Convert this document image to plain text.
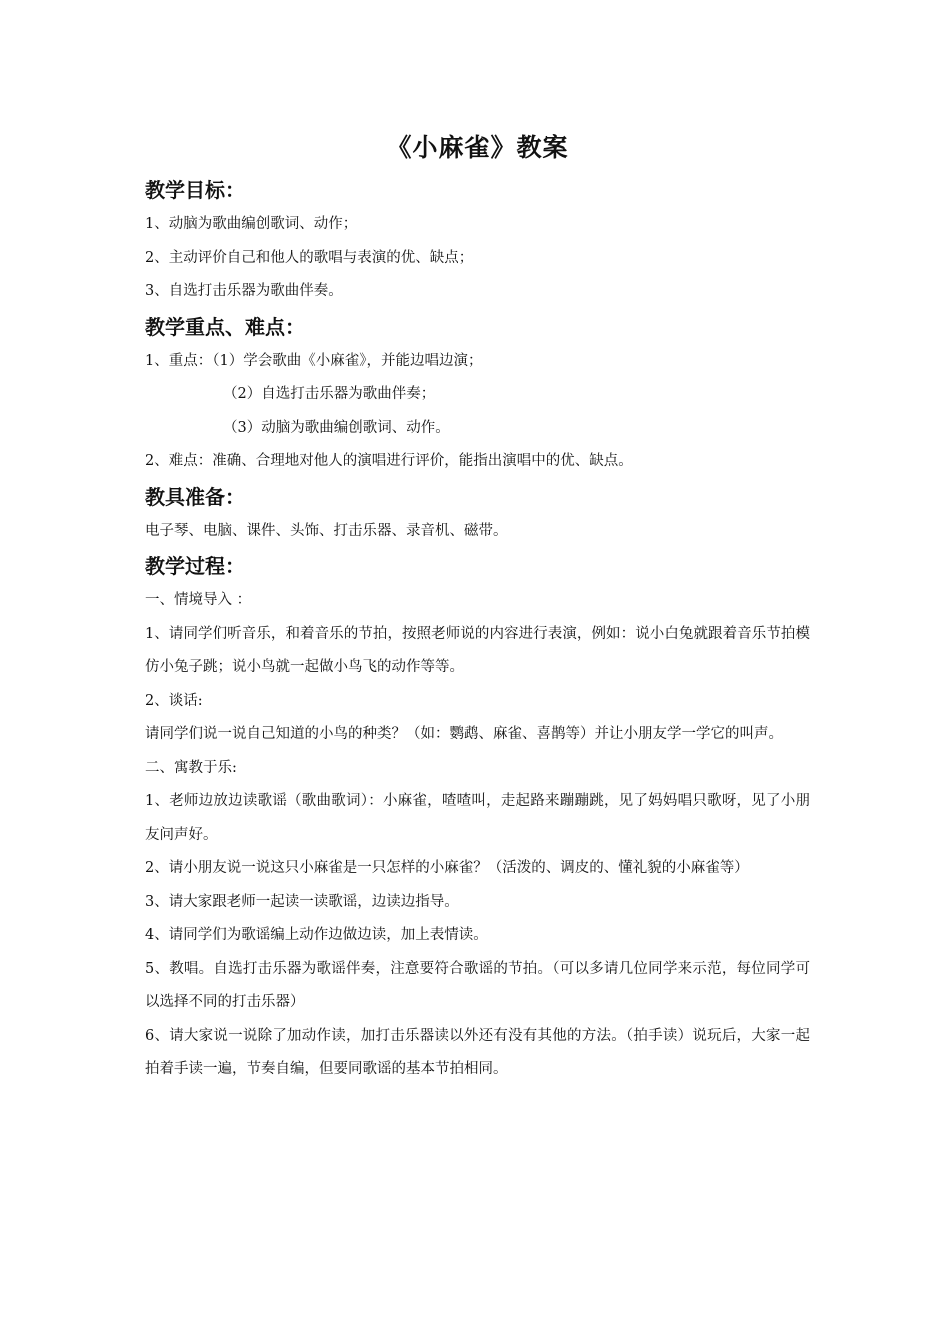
《小麻雀》教案
教学目标：
1、动脑为歌曲编创歌词、动作；
2、主动评价自己和他人的歌唱与表演的优、缺点；
3、自选打击乐器为歌曲伴奏。
教学重点、难点：
1、重点：（1）学会歌曲《小麻雀》，并能边唱边演；
（2）自选打击乐器为歌曲伴奏；
（3）动脑为歌曲编创歌词、动作。
2、难点：准确、合理地对他人的演唱进行评价，能指出演唱中的优、缺点。
教具准备：
电子琴、电脑、课件、头饰、打击乐器、录音机、磁带。
教学过程：
一、情境导入 ：
1、请同学们听音乐，和着音乐的节拍，按照老师说的内容进行表演，例如：说小白兔就跟着音乐节拍模仿小兔子跳；说小鸟就一起做小鸟飞的动作等等。
2、谈话:
请同学们说一说自己知道的小鸟的种类？（如：鹦鹉、麻雀、喜鹊等）并让小朋友学一学它的叫声。
二、寓教于乐:
1、老师边放边读歌谣（歌曲歌词）：小麻雀，喳喳叫，走起路来蹦蹦跳，见了妈妈唱只歌呀，见了小朋友问声好。
2、请小朋友说一说这只小麻雀是一只怎样的小麻雀？（活泼的、调皮的、懂礼貌的小麻雀等）
3、请大家跟老师一起读一读歌谣，边读边指导。
4、请同学们为歌谣编上动作边做边读，加上表情读。
5、教唱。自选打击乐器为歌谣伴奏，注意要符合歌谣的节拍。（可以多请几位同学来示范，每位同学可以选择不同的打击乐器）
6、请大家说一说除了加动作读，加打击乐器读以外还有没有其他的方法。（拍手读）说玩后，大家一起拍着手读一遍，节奏自编，但要同歌谣的基本节拍相同。
